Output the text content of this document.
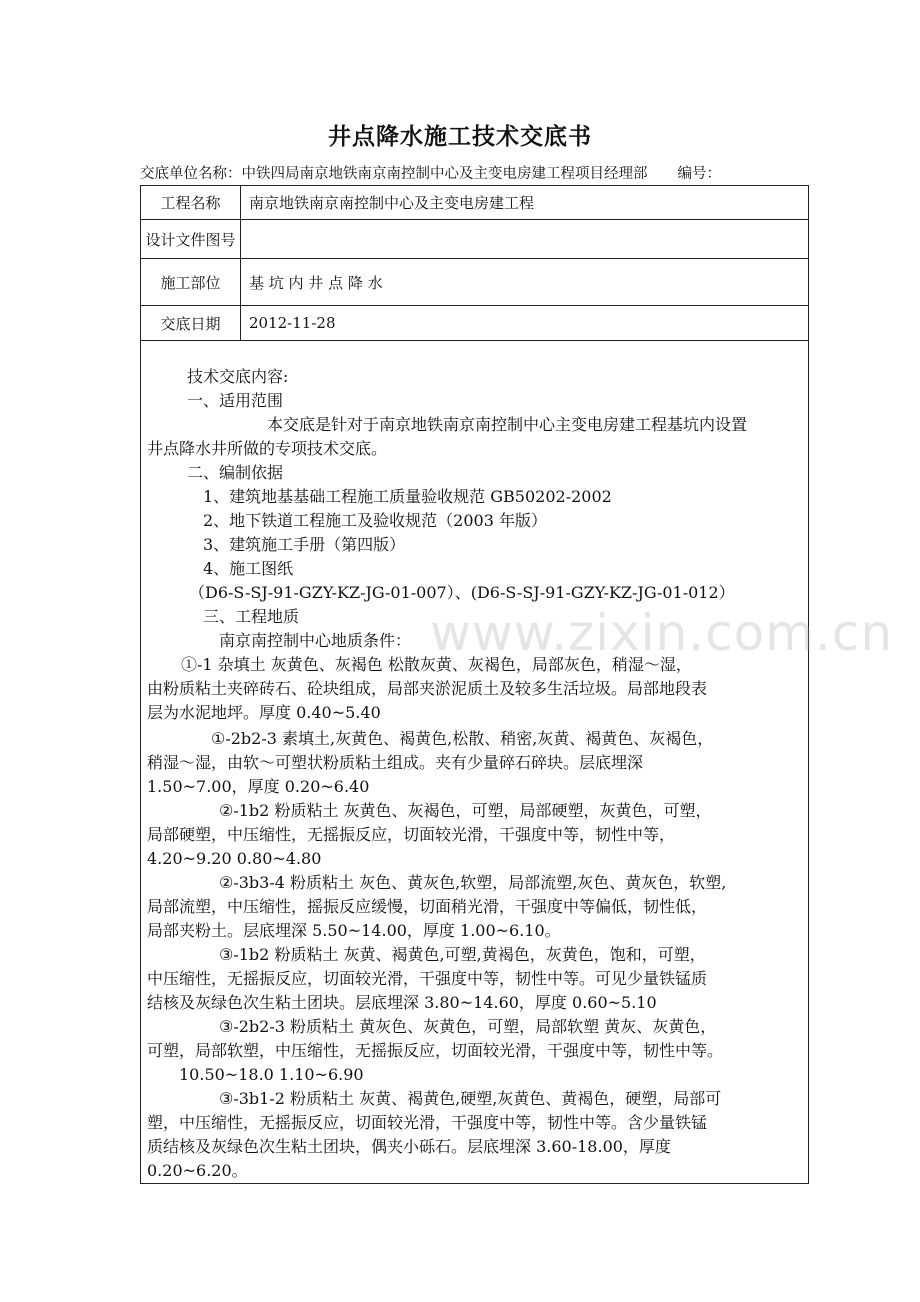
井点降水施工技术交底书
交底单位名称：中铁四局南京地铁南京南控制中心及主变电房建工程项目经理部 编号：
工程名称	南京地铁南京南控制中心及主变电房建工程
设计文件图号	
施工部位	基 坑 内 井 点 降 水
交底日期	2012-11-28
技术交底内容:
一、适用范围
本交底是针对于南京地铁南京南控制中心主变电房建工程基坑内设置
井点降水井所做的专项技术交底。
二、编制依据
1、建筑地基基础工程施工质量验收规范 GB50202-2002
2、地下铁道工程施工及验收规范（2003 年版）
3、建筑施工手册（第四版）
4、施工图纸
（D6-S-SJ-91-GZY-KZ-JG-01-007）、(D6-S-SJ-91-GZY-KZ-JG-01-012）
三、工程地质
南京南控制中心地质条件：
①-1 杂填土 灰黄色、灰褐色 松散灰黄、灰褐色，局部灰色，稍湿～湿，
由粉质粘土夹碎砖石、砼块组成，局部夹淤泥质土及较多生活垃圾。局部地段表
层为水泥地坪。厚度 0.40~5.40
①-2b2-3 素填土,灰黄色、褐黄色,松散、稍密,灰黄、褐黄色、灰褐色，
稍湿～湿，由软～可塑状粉质粘土组成。夹有少量碎石碎块。层底埋深
1.50~7.00，厚度 0.20~6.40
②-1b2 粉质粘土 灰黄色、灰褐色，可塑，局部硬塑，灰黄色，可塑，
局部硬塑，中压缩性，无摇振反应，切面较光滑，干强度中等，韧性中等，
4.20~9.20 0.80~4.80
②-3b3-4 粉质粘土 灰色、黄灰色,软塑，局部流塑,灰色、黄灰色，软塑,
局部流塑，中压缩性，摇振反应缓慢，切面稍光滑，干强度中等偏低，韧性低，
局部夹粉土。层底埋深 5.50~14.00，厚度 1.00~6.10。
③-1b2 粉质粘土 灰黄、褐黄色,可塑,黄褐色，灰黄色，饱和，可塑，
中压缩性，无摇振反应，切面较光滑，干强度中等，韧性中等。可见少量铁锰质
结核及灰绿色次生粘土团块。层底埋深 3.80~14.60，厚度 0.60~5.10
③-2b2-3 粉质粘土 黄灰色、灰黄色，可塑，局部软塑 黄灰、灰黄色，
可塑，局部软塑，中压缩性，无摇振反应，切面较光滑，干强度中等，韧性中等。
10.50~18.0 1.10~6.90
③-3b1-2 粉质粘土 灰黄、褐黄色,硬塑,灰黄色、黄褐色，硬塑，局部可
塑，中压缩性，无摇振反应，切面较光滑，干强度中等，韧性中等。含少量铁锰
质结核及灰绿色次生粘土团块，偶夹小砾石。层底埋深 3.60-18.00，厚度
0.20~6.20。
www.zixin.com.cn
